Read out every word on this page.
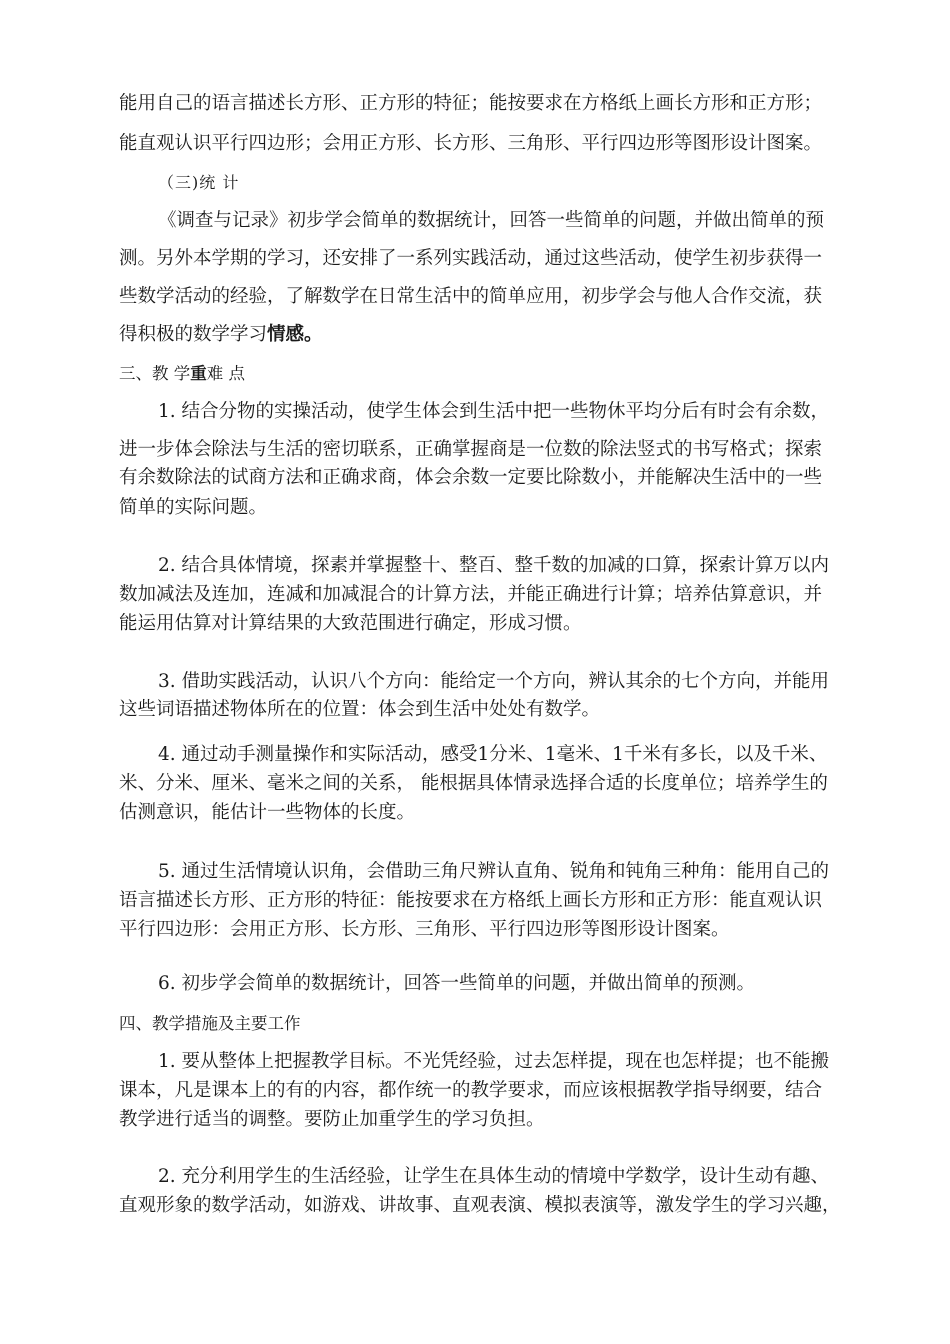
能用自己的语言描述长方形、正方形的特征；能按要求在方格纸上画长方形和正方形；
能直观认识平行四边形；会用正方形、长方形、三角形、平行四边形等图形设计图案。
（三)统 计
《调查与记录》初步学会简单的数据统计，回答一些简单的问题，并做出简单的预
测。另外本学期的学习，还安排了一系列实践活动，通过这些活动，使学生初步获得一
些数学活动的经验，了解数学在日常生活中的简单应用，初步学会与他人合作交流，获
得积极的数学学习情感。
三、教 学重难 点
1. 结合分物的实操活动，使学生体会到生活中把一些物休平均分后有时会有余数，
进一步体会除法与生活的密切联系，正确掌握商是一位数的除法竖式的书写格式；探索
有余数除法的试商方法和正确求商，体会余数一定要比除数小，并能解决生活中的一些
简单的实际问题。
2. 结合具体情境，探素并掌握整十、整百、整千数的加减的口算，探索计算万以内
数加减法及连加，连减和加减混合的计算方法，并能正确进行计算；培养估算意识，并
能运用估算对计算结果的大致范围进行确定，形成习惯。
3. 借助实践活动，认识八个方向：能给定一个方向，辨认其余的七个方向，并能用
这些词语描述物体所在的位置：体会到生活中处处有数学。
4. 通过动手测量操作和实际活动，感受1分米、1毫米、1千米有多长，以及千米、
米、分米、厘米、毫米之间的关系， 能根据具体情录选择合适的长度单位；培养学生的
估测意识，能估计一些物体的长度。
5. 通过生活情境认识角，会借助三角尺辨认直角、锐角和钝角三种角：能用自己的
语言描述长方形、正方形的特征：能按要求在方格纸上画长方形和正方形：能直观认识
平行四边形：会用正方形、长方形、三角形、平行四边形等图形设计图案。
6. 初步学会简单的数据统计，回答一些简单的问题，并做出简单的预测。
四、教学措施及主要工作
1. 要从整体上把握教学目标。不光凭经验，过去怎样提，现在也怎样提；也不能搬
课本，凡是课本上的有的内容，都作统一的教学要求，而应该根据教学指导纲要，结合
教学进行适当的调整。要防止加重学生的学习负担。
2. 充分利用学生的生活经验，让学生在具体生动的情境中学数学，设计生动有趣、
直观形象的数学活动，如游戏、讲故事、直观表演、模拟表演等，激发学生的学习兴趣，
